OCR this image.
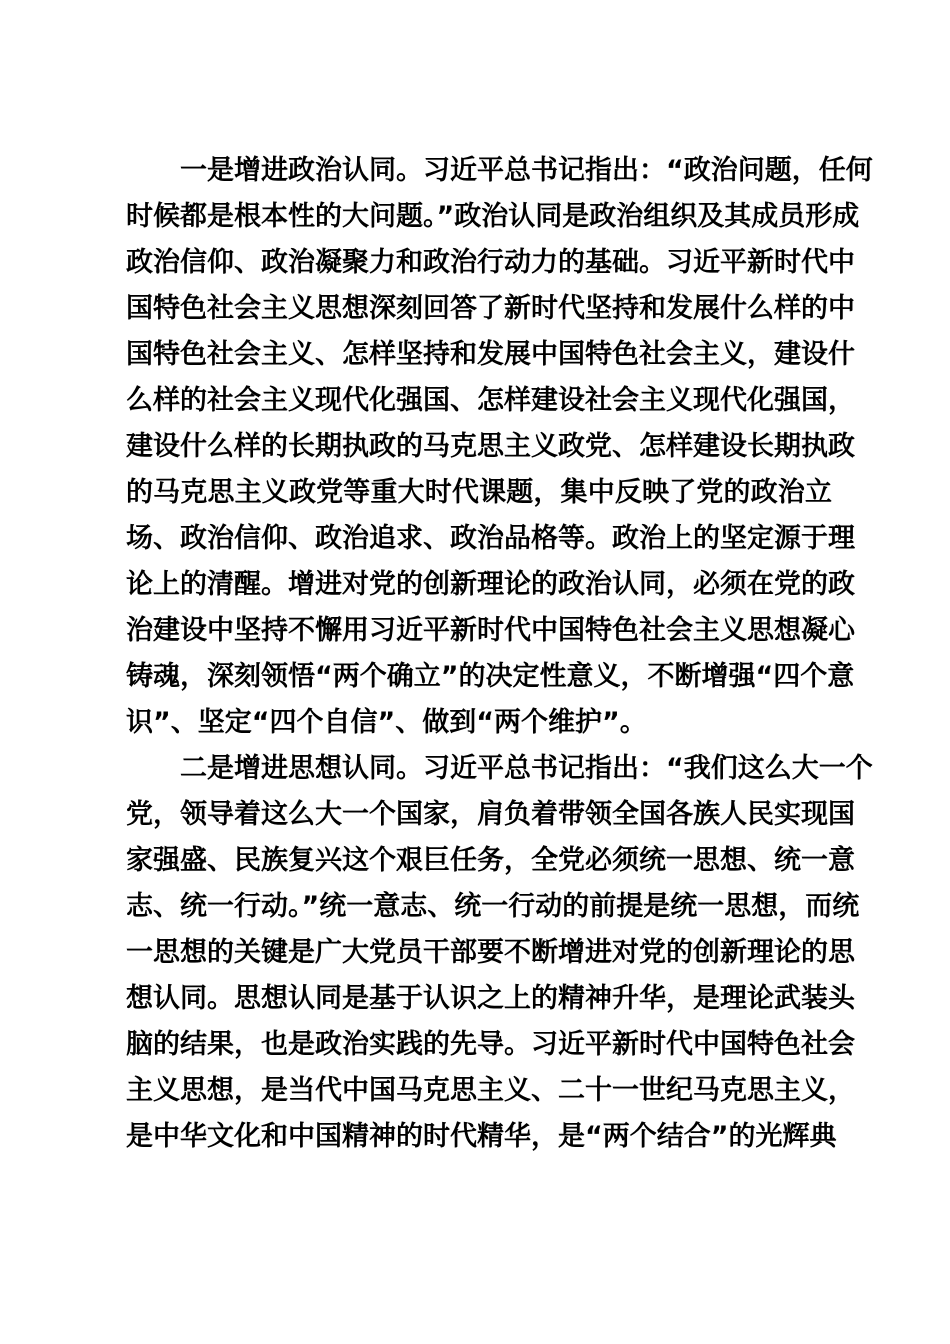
　　一是增进政治认同。习近平总书记指出：“政治问题，任何
时候都是根本性的大问题。”政治认同是政治组织及其成员形成
政治信仰、政治凝聚力和政治行动力的基础。习近平新时代中
国特色社会主义思想深刻回答了新时代坚持和发展什么样的中
国特色社会主义、怎样坚持和发展中国特色社会主义，建设什
么样的社会主义现代化强国、怎样建设社会主义现代化强国，
建设什么样的长期执政的马克思主义政党、怎样建设长期执政
的马克思主义政党等重大时代课题，集中反映了党的政治立
场、政治信仰、政治追求、政治品格等。政治上的坚定源于理
论上的清醒。增进对党的创新理论的政治认同，必须在党的政
治建设中坚持不懈用习近平新时代中国特色社会主义思想凝心
铸魂，深刻领悟“两个确立”的决定性意义，不断增强“四个意
识”、坚定“四个自信”、做到“两个维护”。
　　二是增进思想认同。习近平总书记指出：“我们这么大一个
党，领导着这么大一个国家，肩负着带领全国各族人民实现国
家强盛、民族复兴这个艰巨任务，全党必须统一思想、统一意
志、统一行动。”统一意志、统一行动的前提是统一思想，而统
一思想的关键是广大党员干部要不断增进对党的创新理论的思
想认同。思想认同是基于认识之上的精神升华，是理论武装头
脑的结果，也是政治实践的先导。习近平新时代中国特色社会
主义思想，是当代中国马克思主义、二十一世纪马克思主义，
是中华文化和中国精神的时代精华，是“两个结合”的光辉典
